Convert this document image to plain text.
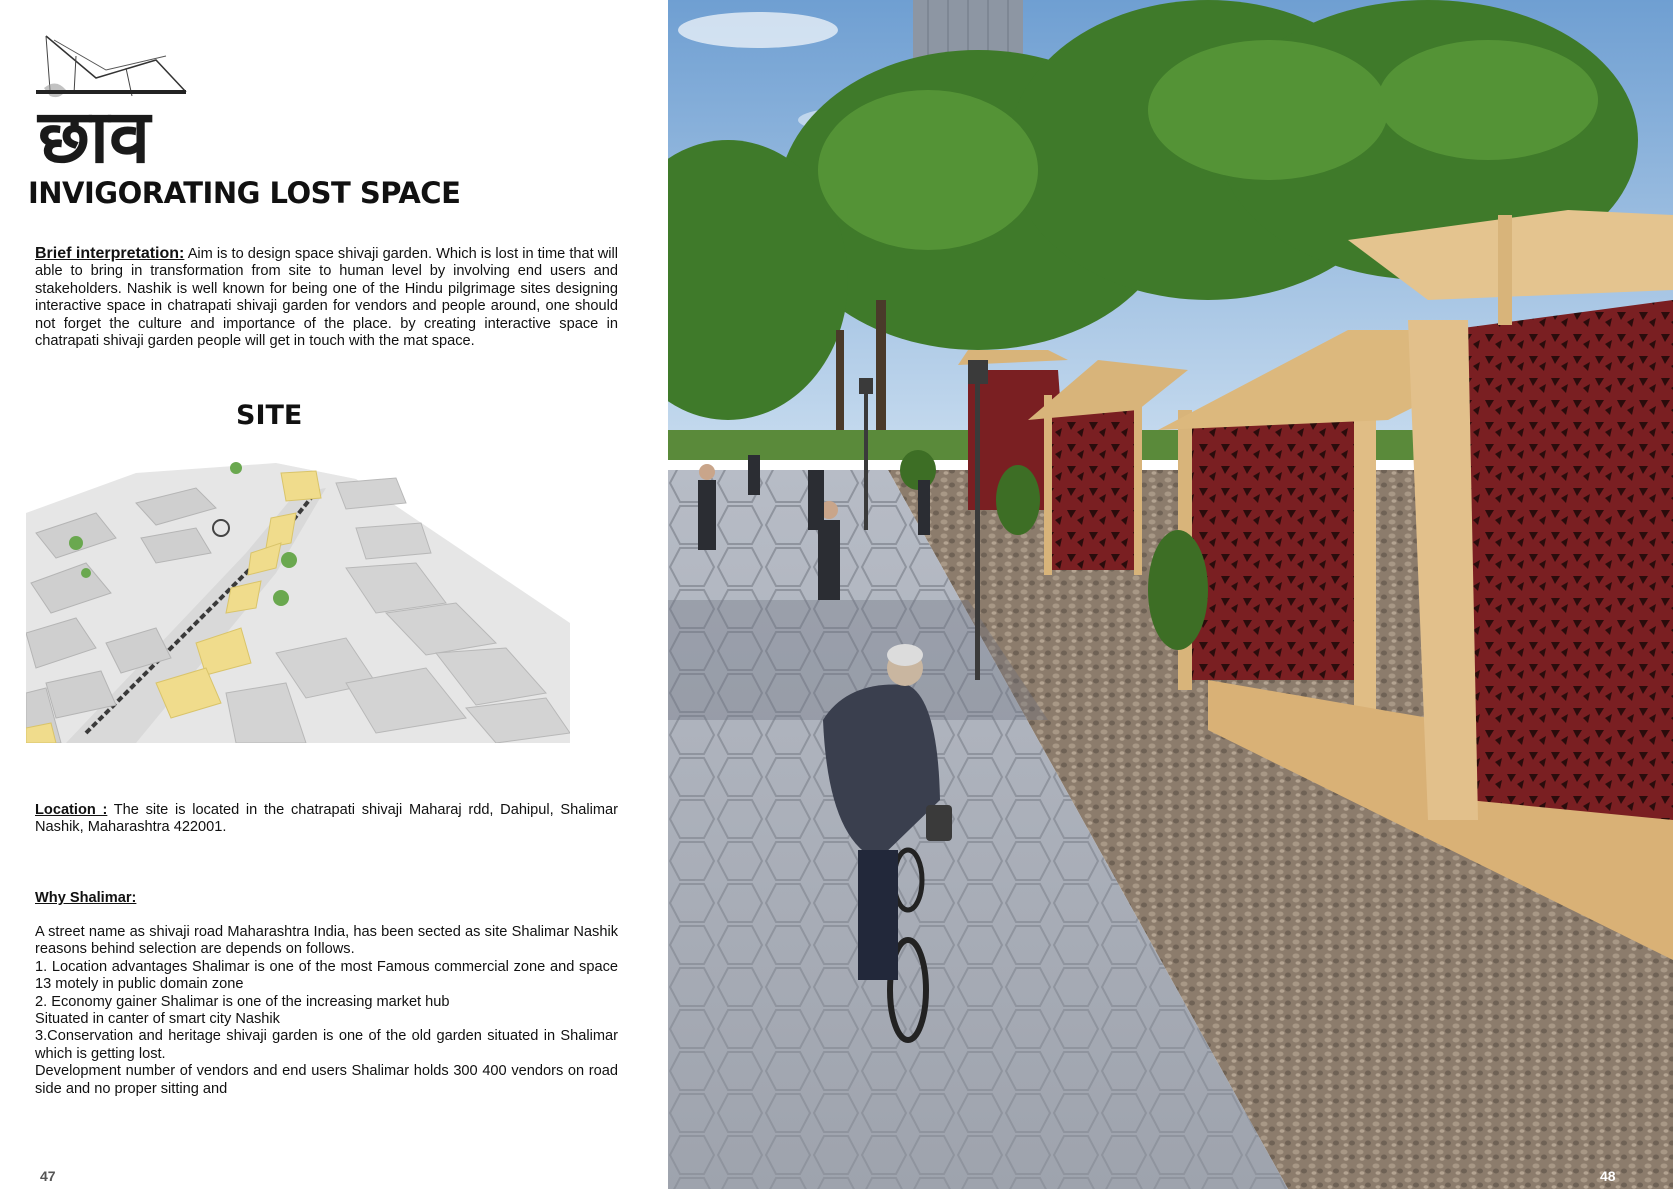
छाव
INVIGORATING LOST SPACE
Brief interpretation: Aim is to design space shivaji garden. Which is lost in time that will able to bring in transformation from site to human level by involving end users and stakeholders. Nashik is well known for being one of the Hindu pilgrimage sites designing interactive space in chatrapati shivaji garden for vendors and people around, one should not forget the culture and importance of the place. by creating interactive space in chatrapati shivaji garden people will get in touch with the mat space.
SITE
Location : The site is located in the chatrapati shivaji Maharaj rdd, Dahipul, Shalimar Nashik, Maharashtra 422001.
Why Shalimar:
A street name as shivaji road Maharashtra India, has been sected as site Shalimar Nashik reasons behind selection are depends on follows.
1. Location advantages Shalimar is one of the most Famous commercial zone and space 13 motely in public domain zone
2. Economy gainer Shalimar is one of the increasing market hub
Situated in canter of smart city Nashik
3.Conservation and heritage shivaji garden is one of the old garden situated in Shalimar which is getting lost.
Development number of vendors and end users Shalimar holds 300 400 vendors on road side and no proper sitting and
47	48
